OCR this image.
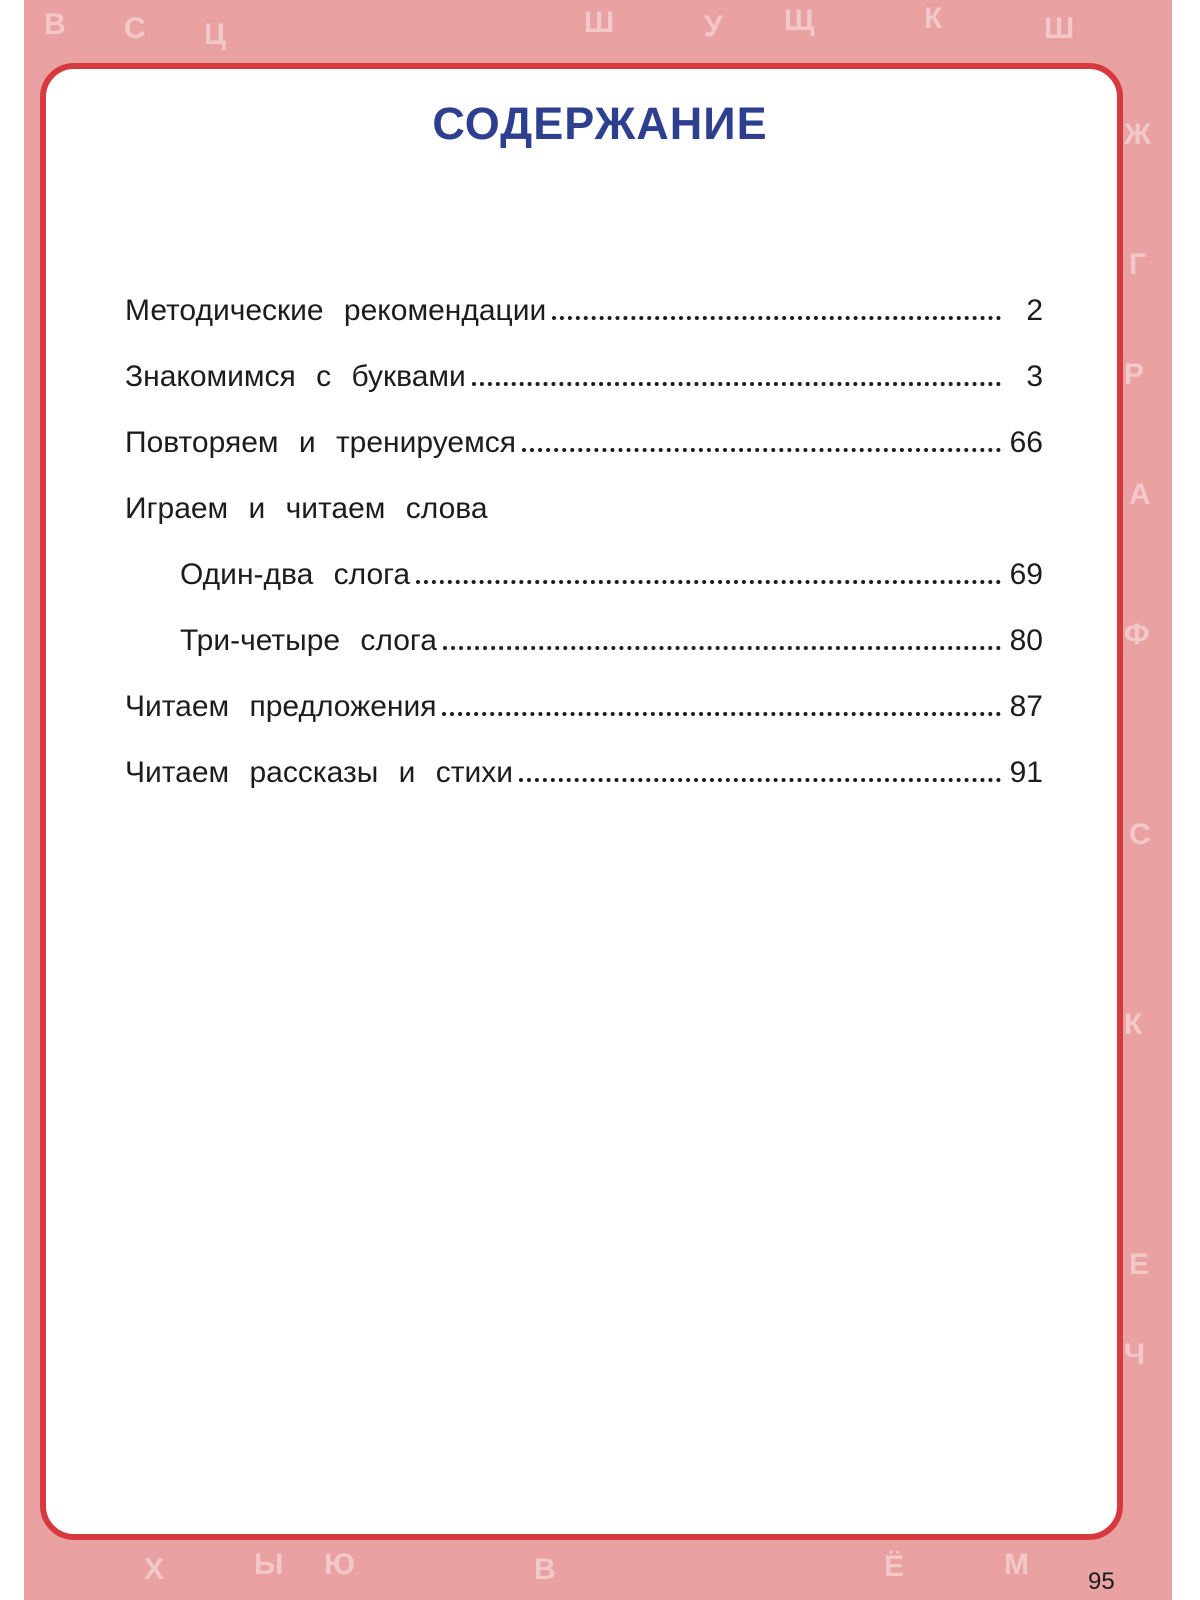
В С Ц	Ш	У Щ	К	Ш
Ж
Г
Р
А
Ф
С
К
Е
Ч
Х	Ы Ю	В	Ё	М
СОДЕРЖАНИЕ
Методические рекомендации	2
Знакомимся с буквами	3
Повторяем и тренируемся	66
Играем и читаем слова
Один-два слога	69
Три-четыре слога	80
Читаем предложения	87
Читаем рассказы и стихи	91
95
